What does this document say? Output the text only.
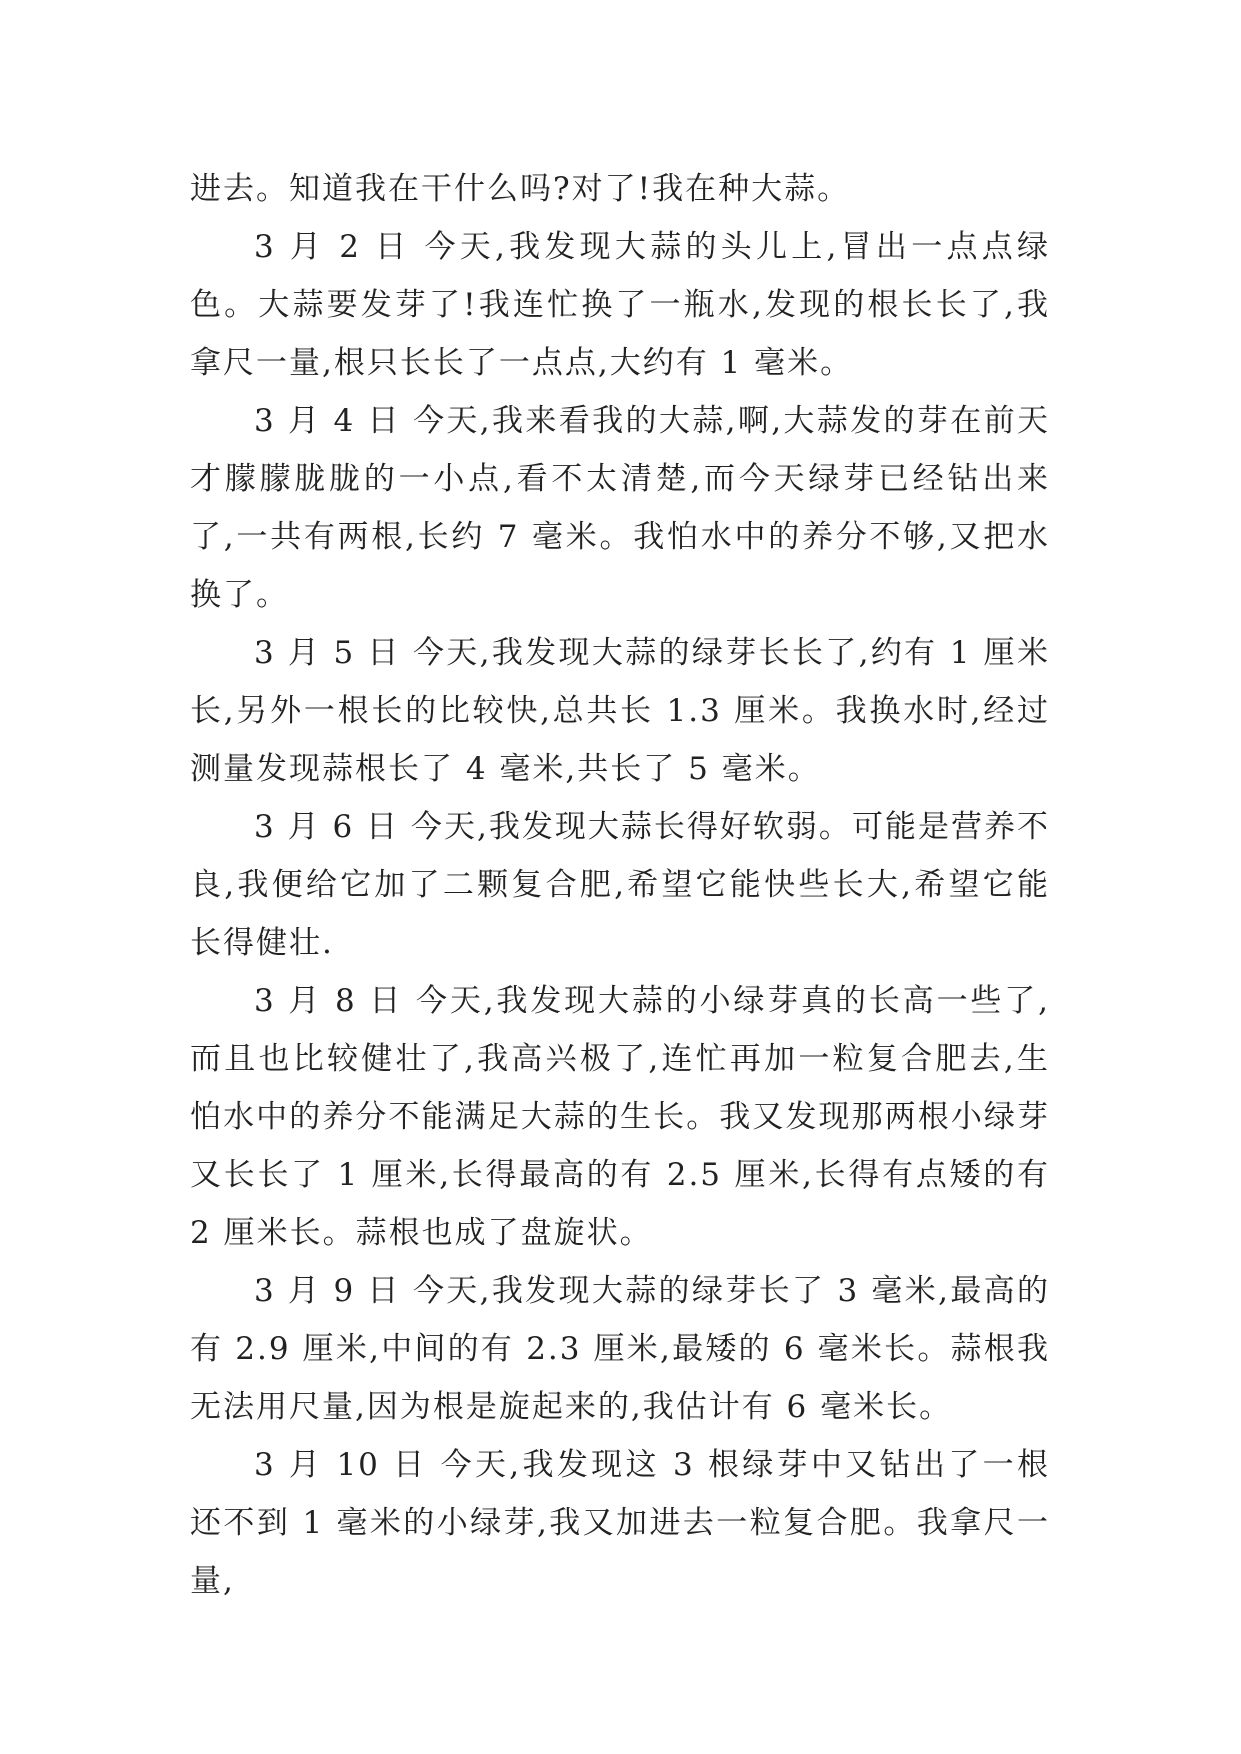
进去。知道我在干什么吗?对了!我在种大蒜。

3 月 2 日 今天,我发现大蒜的头儿上,冒出一点点绿色。大蒜要发芽了!我连忙换了一瓶水,发现的根长长了,我拿尺一量,根只长长了一点点,大约有 1 毫米。

3 月 4 日 今天,我来看我的大蒜,啊,大蒜发的芽在前天才朦朦胧胧的一小点,看不太清楚,而今天绿芽已经钻出来了,一共有两根,长约 7 毫米。我怕水中的养分不够,又把水换了。

3 月 5 日 今天,我发现大蒜的绿芽长长了,约有 1 厘米长,另外一根长的比较快,总共长 1.3 厘米。我换水时,经过测量发现蒜根长了 4 毫米,共长了 5 毫米。

3 月 6 日 今天,我发现大蒜长得好软弱。可能是营养不良,我便给它加了二颗复合肥,希望它能快些长大,希望它能长得健壮.

3 月 8 日 今天,我发现大蒜的小绿芽真的长高一些了,而且也比较健壮了,我高兴极了,连忙再加一粒复合肥去,生怕水中的养分不能满足大蒜的生长。我又发现那两根小绿芽又长长了 1 厘米,长得最高的有 2.5 厘米,长得有点矮的有 2 厘米长。蒜根也成了盘旋状。

3 月 9 日 今天,我发现大蒜的绿芽长了 3 毫米,最高的有 2.9 厘米,中间的有 2.3 厘米,最矮的 6 毫米长。蒜根我无法用尺量,因为根是旋起来的,我估计有 6 毫米长。

3 月 10 日 今天,我发现这 3 根绿芽中又钻出了一根还不到 1 毫米的小绿芽,我又加进去一粒复合肥。我拿尺一量,
